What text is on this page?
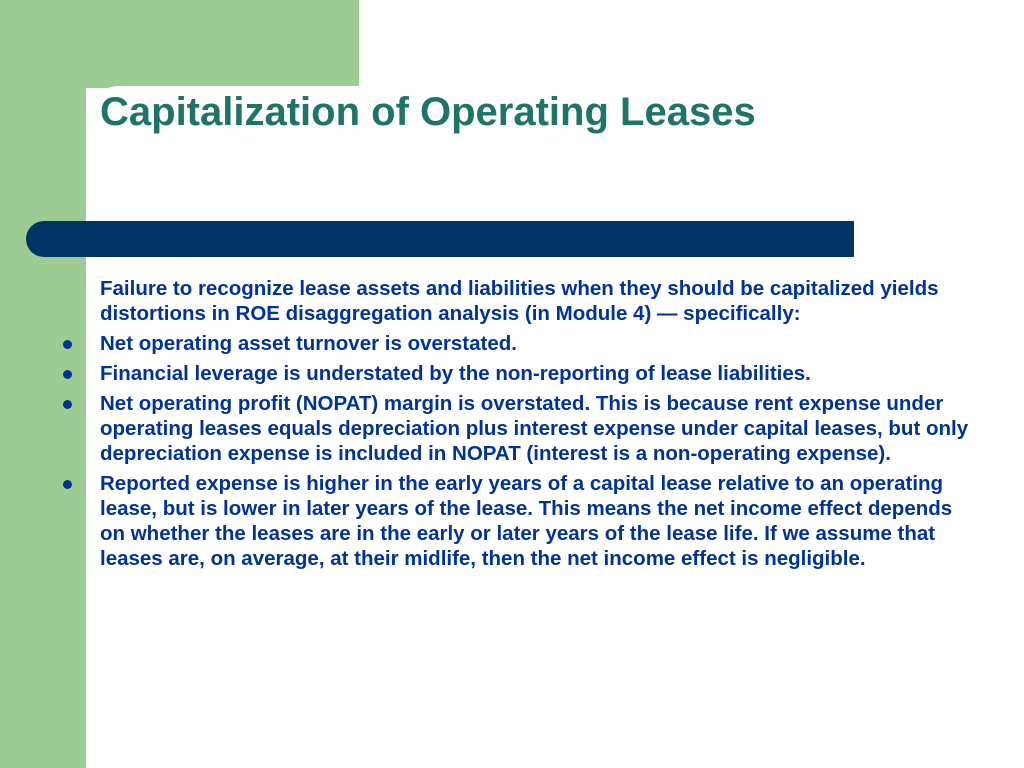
Capitalization of Operating Leases

Failure to recognize lease assets and liabilities when they should be capitalized yields distortions in ROE disaggregation analysis (in Module 4) — specifically:

Net operating asset turnover is overstated.
Financial leverage is understated by the non-reporting of lease liabilities.
Net operating profit (NOPAT) margin is overstated. This is because rent expense under operating leases equals depreciation plus interest expense under capital leases, but only depreciation expense is included in NOPAT (interest is a non-operating expense).
Reported expense is higher in the early years of a capital lease relative to an operating lease, but is lower in later years of the lease. This means the net income effect depends on whether the leases are in the early or later years of the lease life. If we assume that leases are, on average, at their midlife, then the net income effect is negligible.
